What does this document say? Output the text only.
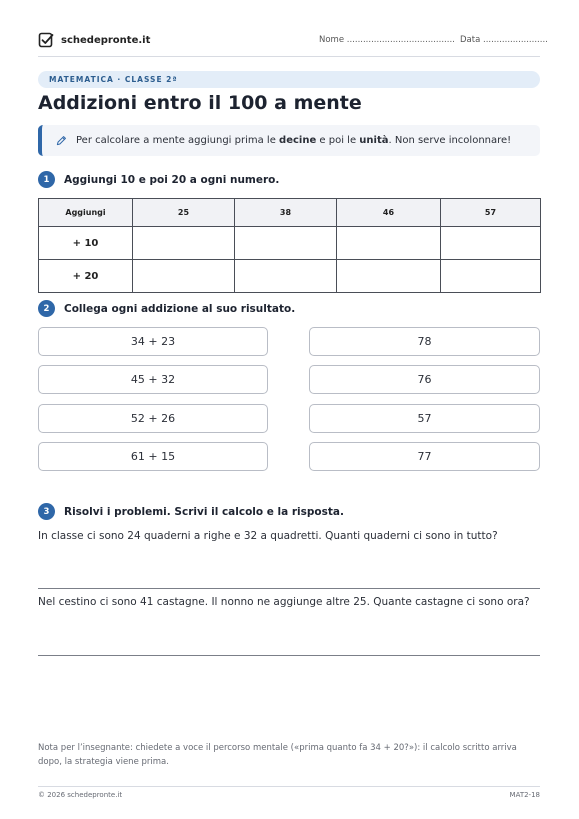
schedepronte.it	Nome ........................................ Data ........................
MATEMATICA · CLASSE 2ª
Addizioni entro il 100 a mente
Per calcolare a mente aggiungi prima le decine e poi le unità. Non serve incolonnare!
1	Aggiungi 10 e poi 20 a ogni numero.
Aggiungi	25	38	46	57
+ 10				
+ 20				
2	Collega ogni addizione al suo risultato.
34 + 23
45 + 32
52 + 26
61 + 15
78
76
57
77
3	Risolvi i problemi. Scrivi il calcolo e la risposta.
In classe ci sono 24 quaderni a righe e 32 a quadretti. Quanti quaderni ci sono in tutto?
Nel cestino ci sono 41 castagne. Il nonno ne aggiunge altre 25. Quante castagne ci sono ora?
Nota per l’insegnante: chiedete a voce il percorso mentale («prima quanto fa 34 + 20?»): il calcolo scritto arriva dopo, la strategia viene prima.
© 2026 schedepronte.it	MAT2-18
